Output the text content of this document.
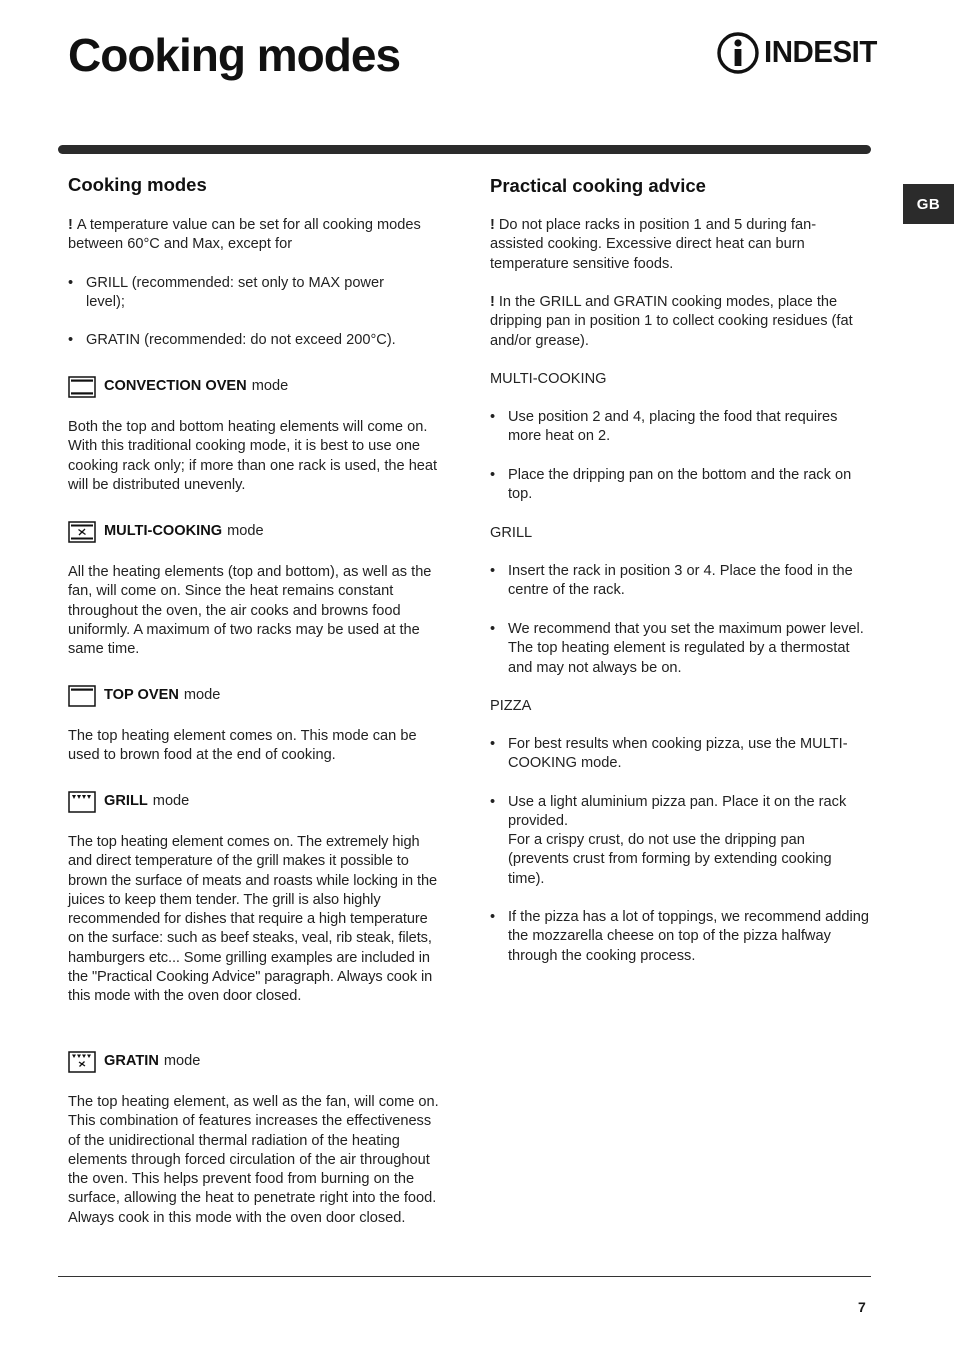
Cooking modes	INDESIT
GB
Cooking modes

! A temperature value can be set for all cooking modes between 60°C and Max, except for

• GRILL (recommended: set only to MAX power level);

• GRATIN (recommended: do not exceed 200°C).

CONVECTION OVEN mode

Both the top and bottom heating elements will come on. With this traditional cooking mode, it is best to use one cooking rack only; if more than one rack is used, the heat will be distributed unevenly.

MULTI-COOKING mode

All the heating elements (top and bottom), as well as the fan, will come on. Since the heat remains constant throughout the oven, the air cooks and browns food uniformly. A maximum of two racks may be used at the same time.

TOP OVEN mode

The top heating element comes on. This mode can be used to brown food at the end of cooking.

GRILL mode

The top heating element comes on. The extremely high and direct temperature of the grill makes it possible to brown the surface of meats and roasts while locking in the juices to keep them tender. The grill is also highly recommended for dishes that require a high temperature on the surface: such as beef steaks, veal, rib steak, filets, hamburgers etc... Some grilling examples are included in the "Practical Cooking Advice" paragraph. Always cook in this mode with the oven door closed.

GRATIN mode

The top heating element, as well as the fan, will come on. This combination of features increases the effectiveness of the unidirectional thermal radiation of the heating elements through forced circulation of the air throughout the oven. This helps prevent food from burning on the surface, allowing the heat to penetrate right into the food. Always cook in this mode with the oven door closed.

Practical cooking advice

! Do not place racks in position 1 and 5 during fan-assisted cooking. Excessive direct heat can burn temperature sensitive foods.

! In the GRILL and GRATIN cooking modes, place the dripping pan in position 1 to collect cooking residues (fat and/or grease).

MULTI-COOKING

• Use position 2 and 4, placing the food that requires more heat on 2.

• Place the dripping pan on the bottom and the rack on top.

GRILL

• Insert the rack in position 3 or 4. Place the food in the centre of the rack.

• We recommend that you set the maximum power level. The top heating element is regulated by a thermostat and may not always be on.

PIZZA

• For best results when cooking pizza, use the MULTI-COOKING mode.

• Use a light aluminium pizza pan. Place it on the rack provided.

For a crispy crust, do not use the dripping pan (prevents crust from forming by extending cooking time).

• If the pizza has a lot of toppings, we recommend adding the mozzarella cheese on top of the pizza halfway through the cooking process.

7
